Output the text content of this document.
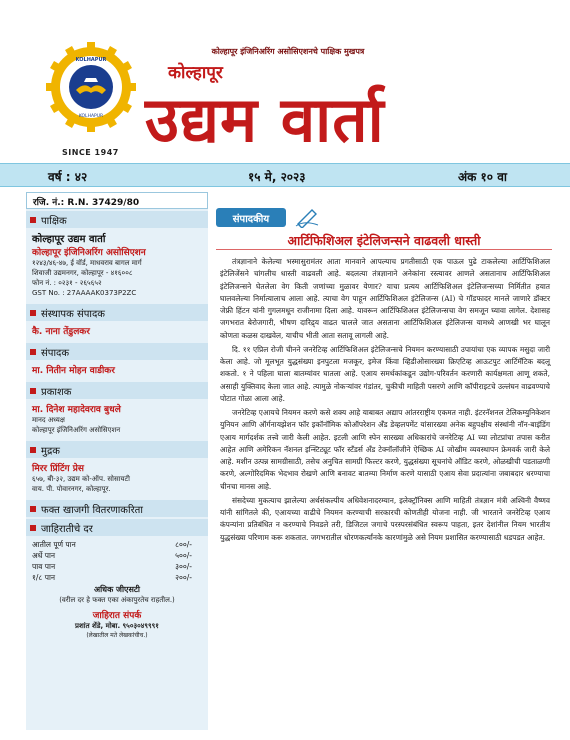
KOLHAPUR
KOLHAPUR
SINCE 1947
कोल्हापूर इंजिनिअरिंग असोसिएशनचे पाक्षिक मुखपत्र
कोल्हापूर
उद्यम वार्ता
वर्ष : ४२	१५ मे, २०२३	अंक १० वा
रजि. नं.: R.N. 37429/80
पाक्षिक
कोल्हापूर उद्यम वार्ता
कोल्हापूर इंजिनिअरिंग असोसिएशन
१२४३/४६-४७, ई वॉर्ड, माधवराव बागल मार्ग
शिवाजी उद्यमनगर, कोल्हापूर - ४१६००८
फोन नं. : ०२३१ - २६५६५२
GST No. : 27AAAAK0373P2ZC
संस्थापक संपादक
कै. नाना तेंडुलकर
संपादक
मा. नितीन मोहन वाडीकर
प्रकाशक
मा. दिनेश महादेवराव बुधले
मानद अध्यक्ष
कोल्हापूर इंजिनिअरिंग असोसिएशन
मुद्रक
मिरर प्रिंटिंग प्रेस
६५७, बी-३२, उद्यम को-ऑप. सोसायटी
वाय. पी. पोवारनगर, कोल्हापूर.
फक्त खाजगी वितरणाकरिता
जाहिरातीचे दर
आतील पूर्ण पान	८००/-
अर्धे पान	५००/-
पाव पान	३००/-
१/८ पान	२००/-
अधिक जीएसटी
(वरील दर हे फक्त एका अंकापुरतेच राहतील.)
जाहिरात संपर्क
प्रशांत शेंडे, मोबा. ९५०३०४९९९१
(लेखातील मते लेखकांचीच.)
संपादकीय
आर्टिफिशिअल इंटेलिजन्सने वाढवली धास्ती

तंत्रज्ञानाने केलेल्या भस्मासुरामंतर आता मानवाने आपल्याच प्रगतीसाठी एक पाऊल पुढे टाकलेल्या आर्टिफिशिअल इंटेलिजेंसने चांगलीच धास्ती वाढवली आहे. बदलत्या तंत्रज्ञानाने अनेकांना रस्त्यावर आणले असतानाच आर्टिफिशिअल इंटेलिजन्सने घेतलेला वेग किती जणांच्या मुळावर येणार? याचा प्रत्यय आर्टिफिशिअल इंटेलिजन्सच्या निर्मितीत हयात घालवलेल्या निर्मात्यालाच आला आहे. त्याचा वेग पाहून आर्टिफिशिअल इंटेलिजन्स (AI) चे गॉडफादर मानले जाणारे डॉक्टर जेफ्री हिंटन यांनी गुगलमधून राजीनामा दिला आहे. यावरून आर्टिफिशिअल इंटेलिजन्सचा वेग समजून घ्यावा लागेल. देशासह जगभरात बेरोजगारी, भीषण दारिद्र्य वाढत चालले जात असताना आर्टिफिशिअल इंटेलिजन्स यामध्ये आणखी भर घालून कोणता कळस दाखवेल, याचीच भीती आता सतावू लागली आहे.

दि. ११ एप्रिल रोजी चीनने जनरेटिव्ह आर्टिफिशिअल इंटेलिजन्सचे नियमन करण्यासाठी उपायांचा एक व्यापक मसुदा जारी केला आहे. जो मूलभूत युद्धसंख्या इनपुटला मजकूर, इमेज किंवा व्हिडीओसारख्या क्रिएटिव्ह आऊटपुट आर्टिमॅटिक बदलू शकतो. १ ने पहिला घाला बातम्यांवर घातला आहे. एआय समर्थकांकडून उद्योग-परिवर्तन करणारी कार्यक्षमता आणू शकते, असाही युक्तिवाद केला जात आहे. त्यामुळे नोकऱ्यांवर गंडांतर, चुकीची माहिती पसरणे आणि कॉपीराइटचे उल्लंघन वाढवण्याचे पोटात गोळा आला आहे.

जनरेटिव्ह एआयचे नियमन करणे कसे शक्य आहे याबाबत अद्याप आंतरराष्ट्रीय एकमत नाही. इंटरनॅशनल टेलिकम्युनिकेशन युनियन आणि ऑर्गनायझेशन फॉर इकॉनॉमिक कोऑपरेशन अँड डेव्हलपमेंट यांसारख्या अनेक बहुपक्षीय संस्थांनी नॉन-बाइंडिंग एआय मार्गदर्शक तत्त्वे जारी केली आहेत. इटली आणि स्पेन सारख्या अधिकारांचे जनरेटिव्ह AI च्या लोटप्रांचा तपास करीत आहेत आणि अमेरिकन नॅशनल इन्स्टिट्यूट फॉर स्टँडर्स अँड टेक्नॉलॉजीने ऐच्छिक AI जोखीम व्यवस्थापन फ्रेमवर्क जारी केले आहे. मशीन उत्पन्न सामग्रीसाठी, तसेच अनुचित सामग्री फिल्टर करणे, युद्धसंख्या सूचनांचे ऑडिट करणे, ओळखीची पडताळणी करणे, अल्गोरिदमिक भेदभाव रोखणे आणि बनावट बातम्या निर्माण करणे यासाठी एआय सेवा प्रदात्यांना जबाबदार धरण्याचा चीनचा मानस आहे.

संसदेच्या मुकत्याच झालेल्या अर्थसंकल्पीय अधिवेशनादरम्यान, इलेक्ट्रॉनिक्स आणि माहिती तंत्रज्ञान मंत्री अश्विनी वैष्णव यांनी सांगितले की, एआयच्या वाढीचे नियमन करण्याची सरकारची कोणतीही योजना नाही. जी भारताने जनरेटिव्ह एआय कंपन्यांना प्रतिबंधित न करण्याचे निवडले तरी, डिजिटल जगाचे परस्परसंबंधित स्वरूप पाहता, इतर देशांनील नियम भारतीय युद्धसंख्या परिणाम करू शकतात. जगभरातील धोरणकर्त्यांनके कारणांमुळे असे नियम प्रशासित करण्यासाठी धडपडत आहेत.
